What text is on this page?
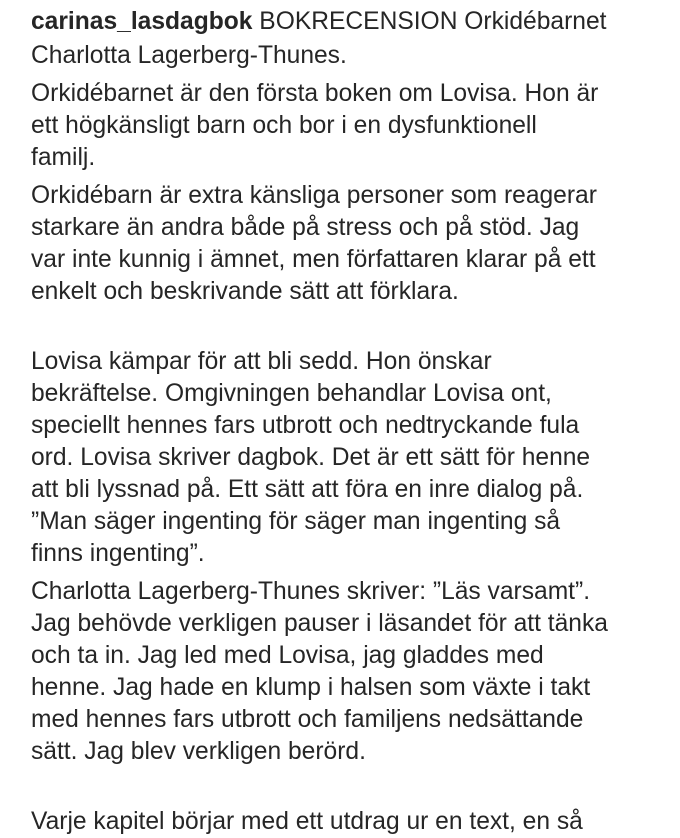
carinas_lasdagbok BOKRECENSION Orkidébarnet
Charlotta Lagerberg-Thunes.
Orkidébarnet är den första boken om Lovisa. Hon är
ett högkänsligt barn och bor i en dysfunktionell
familj.
Orkidébarn är extra känsliga personer som reagerar
starkare än andra både på stress och på stöd. Jag
var inte kunnig i ämnet, men författaren klarar på ett
enkelt och beskrivande sätt att förklara.
Lovisa kämpar för att bli sedd. Hon önskar
bekräftelse. Omgivningen behandlar Lovisa ont,
speciellt hennes fars utbrott och nedtryckande fula
ord. Lovisa skriver dagbok. Det är ett sätt för henne
att bli lyssnad på. Ett sätt att föra en inre dialog på.
”Man säger ingenting för säger man ingenting så
finns ingenting”.
Charlotta Lagerberg-Thunes skriver: ”Läs varsamt”.
Jag behövde verkligen pauser i läsandet för att tänka
och ta in. Jag led med Lovisa, jag gladdes med
henne. Jag hade en klump i halsen som växte i takt
med hennes fars utbrott och familjens nedsättande
sätt. Jag blev verkligen berörd.
Varje kapitel börjar med ett utdrag ur en text, en så
